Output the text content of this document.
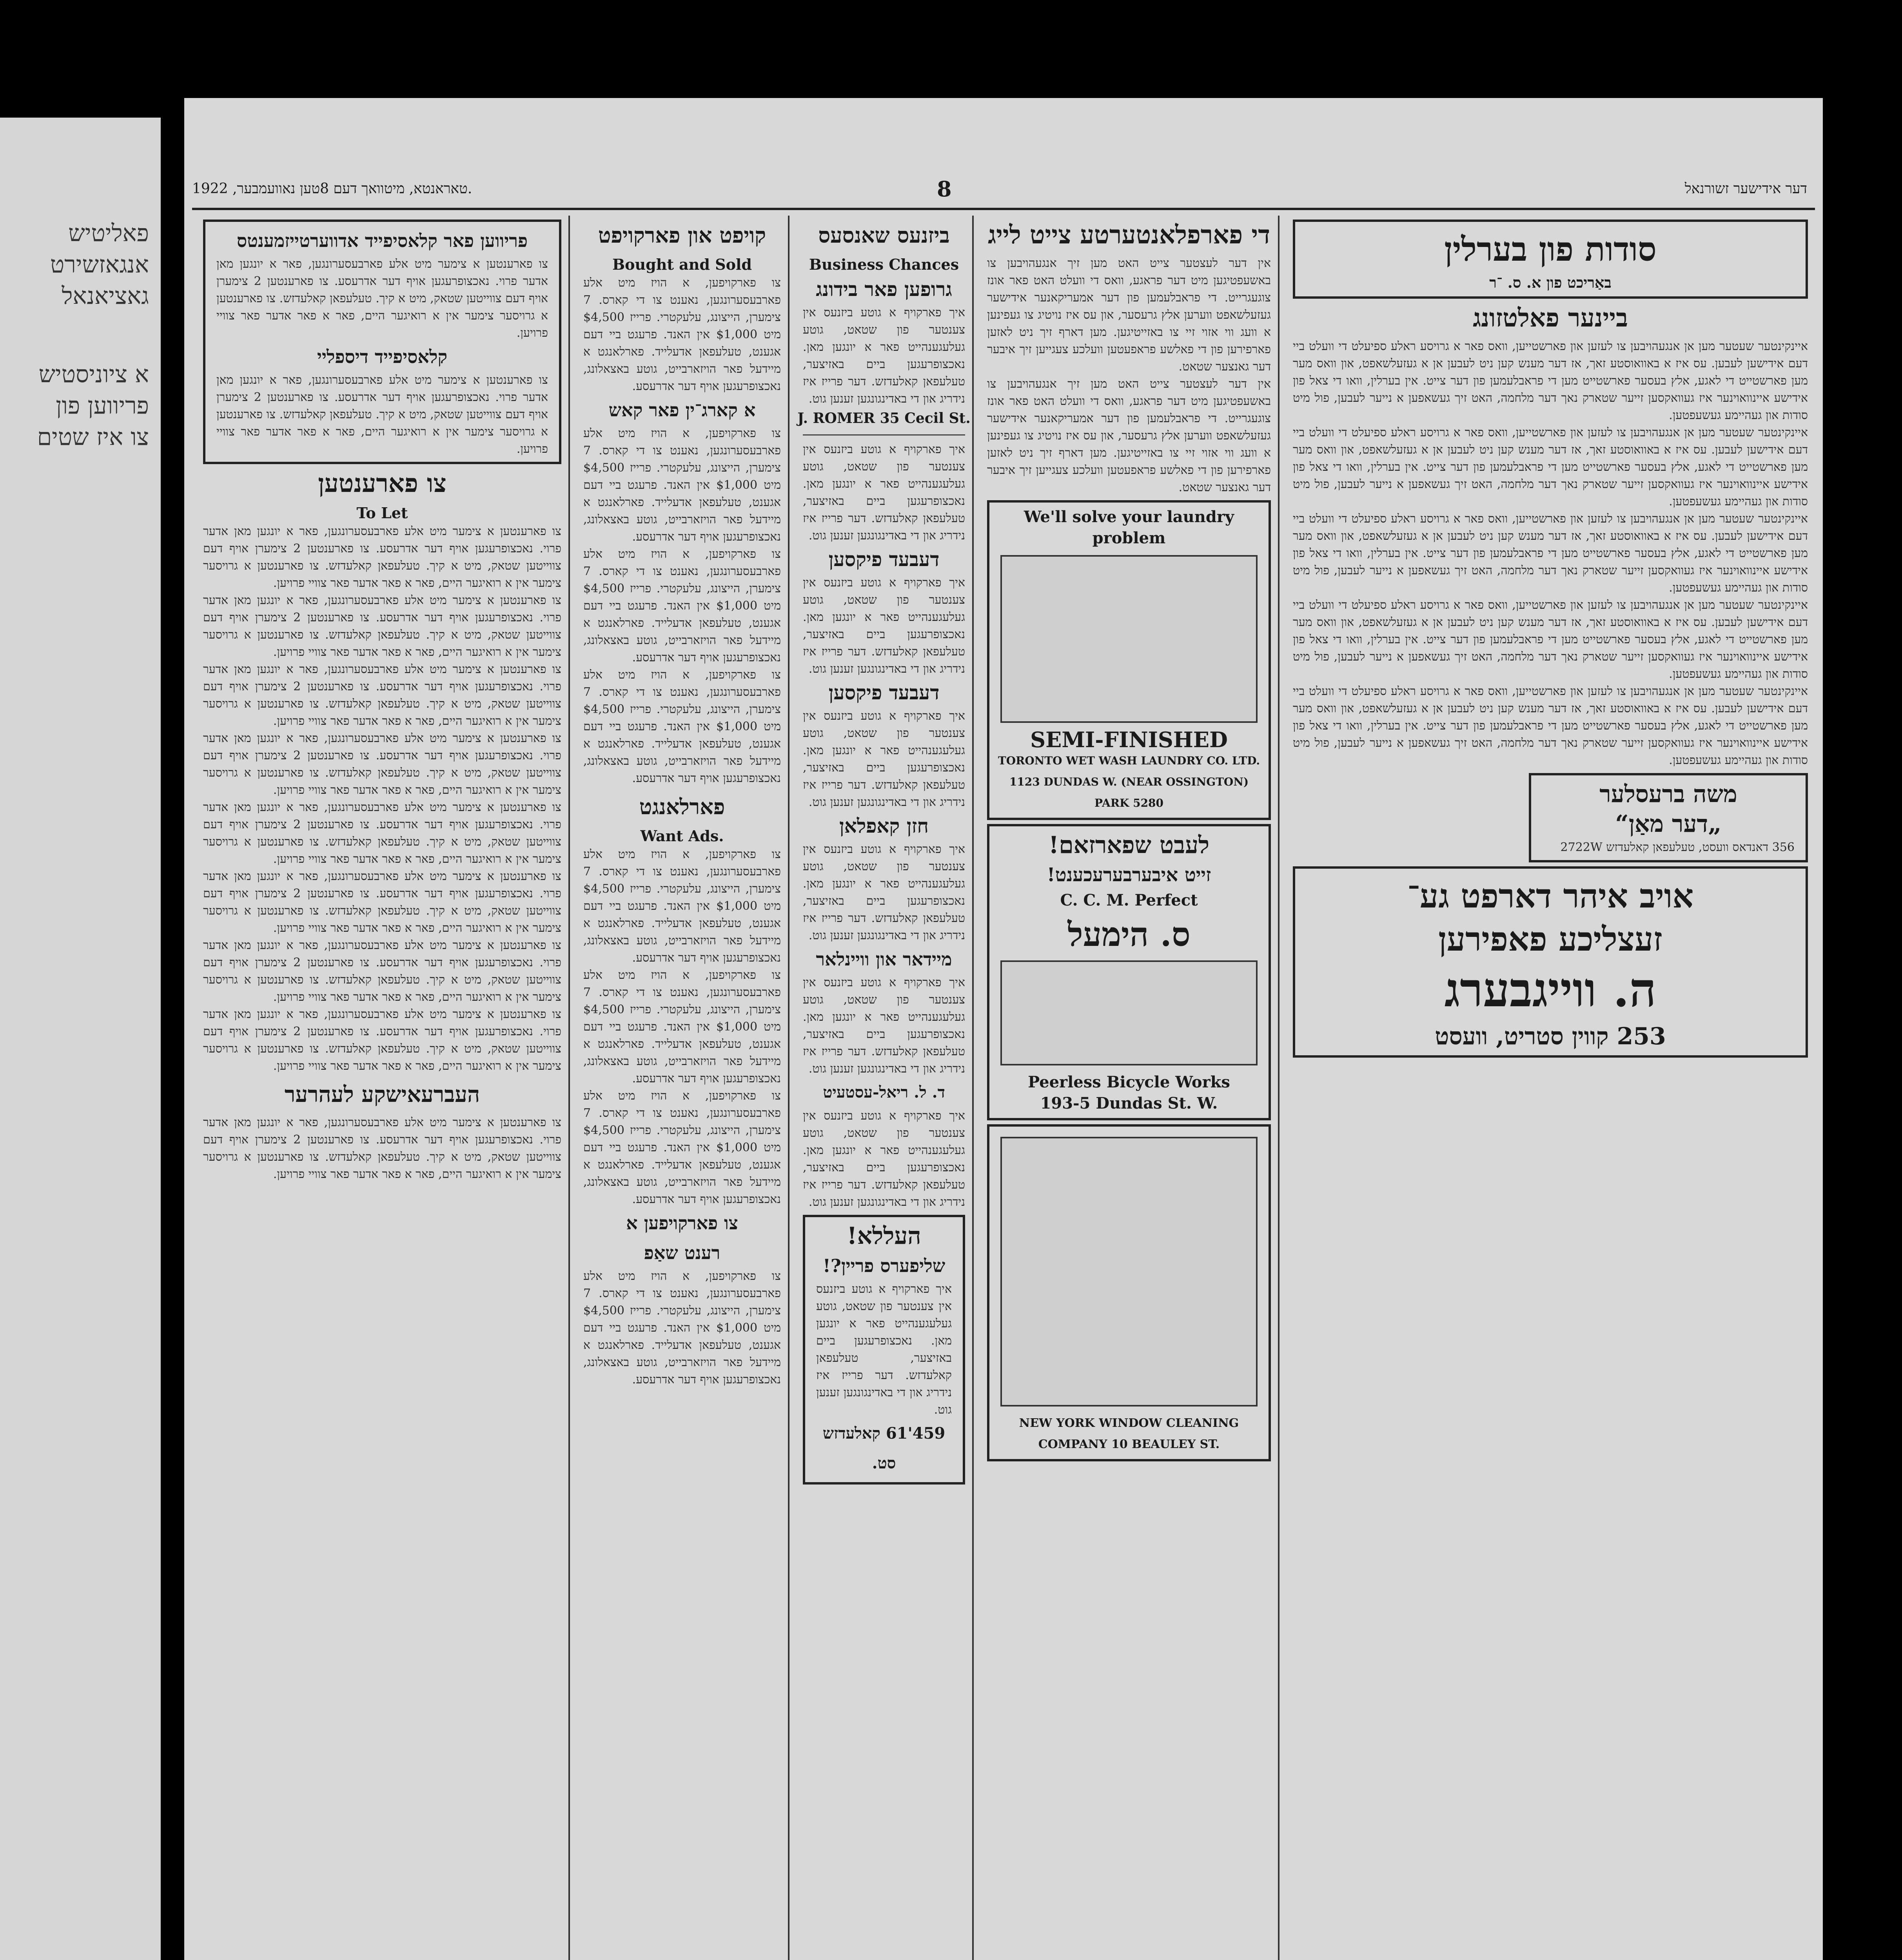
פאליטיש
אנגאזשירט
גאציאנאל
א ציוניסטיש
פריווען פון
צו איז שטים
טאראנטא, מיטוואך דעם 8טען נאוועמבער, 1922.	8	דער אידישער זשורנאל
סודות פון בערלין
באַריכט פון א. ס. ־ר
ביינער פאלטזונג
איינקינטער שעטער מען אן אנגעהויבען צו לעזען און פארשטייען, וואס פאר א גרויסע ראלע ספיעלט די וועלט ביי דעם אידישען לעבען. עס איז א באוואוסטע זאך, אז דער מענש קען ניט לעבען אן א געזעלשאפט, און וואס מער מען פארשטייט די לאגע, אלץ בעסער פארשטייט מען די פראבלעמען פון דער צייט. אין בערלין, וואו די צאל פון אידישע איינוואוינער איז געוואקסען זייער שטארק נאך דער מלחמה, האט זיך געשאפען א נייער לעבען, פול מיט סודות און געהיימע געשעפטען.
איינקינטער שעטער מען אן אנגעהויבען צו לעזען און פארשטייען, וואס פאר א גרויסע ראלע ספיעלט די וועלט ביי דעם אידישען לעבען. עס איז א באוואוסטע זאך, אז דער מענש קען ניט לעבען אן א געזעלשאפט, און וואס מער מען פארשטייט די לאגע, אלץ בעסער פארשטייט מען די פראבלעמען פון דער צייט. אין בערלין, וואו די צאל פון אידישע איינוואוינער איז געוואקסען זייער שטארק נאך דער מלחמה, האט זיך געשאפען א נייער לעבען, פול מיט סודות און געהיימע געשעפטען.
איינקינטער שעטער מען אן אנגעהויבען צו לעזען און פארשטייען, וואס פאר א גרויסע ראלע ספיעלט די וועלט ביי דעם אידישען לעבען. עס איז א באוואוסטע זאך, אז דער מענש קען ניט לעבען אן א געזעלשאפט, און וואס מער מען פארשטייט די לאגע, אלץ בעסער פארשטייט מען די פראבלעמען פון דער צייט. אין בערלין, וואו די צאל פון אידישע איינוואוינער איז געוואקסען זייער שטארק נאך דער מלחמה, האט זיך געשאפען א נייער לעבען, פול מיט סודות און געהיימע געשעפטען.
איינקינטער שעטער מען אן אנגעהויבען צו לעזען און פארשטייען, וואס פאר א גרויסע ראלע ספיעלט די וועלט ביי דעם אידישען לעבען. עס איז א באוואוסטע זאך, אז דער מענש קען ניט לעבען אן א געזעלשאפט, און וואס מער מען פארשטייט די לאגע, אלץ בעסער פארשטייט מען די פראבלעמען פון דער צייט. אין בערלין, וואו די צאל פון אידישע איינוואוינער איז געוואקסען זייער שטארק נאך דער מלחמה, האט זיך געשאפען א נייער לעבען, פול מיט סודות און געהיימע געשעפטען.
איינקינטער שעטער מען אן אנגעהויבען צו לעזען און פארשטייען, וואס פאר א גרויסע ראלע ספיעלט די וועלט ביי דעם אידישען לעבען. עס איז א באוואוסטע זאך, אז דער מענש קען ניט לעבען אן א געזעלשאפט, און וואס מער מען פארשטייט די לאגע, אלץ בעסער פארשטייט מען די פראבלעמען פון דער צייט. אין בערלין, וואו די צאל פון אידישע איינוואוינער איז געוואקסען זייער שטארק נאך דער מלחמה, האט זיך געשאפען א נייער לעבען, פול מיט סודות און געהיימע געשעפטען.
משה ברעסלער
„דער מאַן“
356 דאנדאס וועסט, טעלעפאן קאלעדזש 2722W
אויב איהר דארפט גע־
זעצליכע פאפירען
ה. ווייגבערג
253 קווין סטריט, וועסט
די פארפלאנטערטע צייט לייג
אין דער לעצטער צייט האט מען זיך אנגעהויבען צו באשעפטיגען מיט דער פראגע, וואס די וועלט האט פאר אונז צוגעגרייט. די פראבלעמען פון דער אמעריקאנער אידישער געזעלשאפט ווערען אלץ גרעסער, און עס איז נויטיג צו געפינען א וועג ווי אזוי זיי צו באזייטיגען. מען דארף זיך ניט לאזען פארפירען פון די פאלשע פראפעטען וועלכע צעגייען זיך איבער דער גאנצער שטאט.
אין דער לעצטער צייט האט מען זיך אנגעהויבען צו באשעפטיגען מיט דער פראגע, וואס די וועלט האט פאר אונז צוגעגרייט. די פראבלעמען פון דער אמעריקאנער אידישער געזעלשאפט ווערען אלץ גרעסער, און עס איז נויטיג צו געפינען א וועג ווי אזוי זיי צו באזייטיגען. מען דארף זיך ניט לאזען פארפירען פון די פאלשע פראפעטען וועלכע צעגייען זיך איבער דער גאנצער שטאט.
We'll solve your laundry problem
SEMI-FINISHED
TORONTO WET WASH LAUNDRY CO. LTD.
1123 DUNDAS W. (NEAR OSSINGTON) PARK 5280
לעבט שפארזאם!
זייט איבערבערעכענט!
C. C. M. Perfect
ס. הימעל
Peerless Bicycle Works
193-5 Dundas St. W.
NEW YORK WINDOW CLEANING COMPANY 10 BEAULEY ST.
ביזנעס שאנסעס
Business Chances
גרופען פאר בידונג
איך פארקויף א גוטע ביזנעס אין צענטער פון שטאט, גוטע געלעגענהייט פאר א יונגען מאן. נאכצופרעגען ביים באזיצער, טעלעפאן קאלעדזש. דער פרייז איז נידריג און די באדינגונגען זענען גוט.
J. ROMER 35 Cecil St.
איך פארקויף א גוטע ביזנעס אין צענטער פון שטאט, גוטע געלעגענהייט פאר א יונגען מאן. נאכצופרעגען ביים באזיצער, טעלעפאן קאלעדזש. דער פרייז איז נידריג און די באדינגונגען זענען גוט.
דעבעד פיקסען
איך פארקויף א גוטע ביזנעס אין צענטער פון שטאט, גוטע געלעגענהייט פאר א יונגען מאן. נאכצופרעגען ביים באזיצער, טעלעפאן קאלעדזש. דער פרייז איז נידריג און די באדינגונגען זענען גוט.
דעבעד פיקסען
איך פארקויף א גוטע ביזנעס אין צענטער פון שטאט, גוטע געלעגענהייט פאר א יונגען מאן. נאכצופרעגען ביים באזיצער, טעלעפאן קאלעדזש. דער פרייז איז נידריג און די באדינגונגען זענען גוט.
חזן קאפלאן
איך פארקויף א גוטע ביזנעס אין צענטער פון שטאט, גוטע געלעגענהייט פאר א יונגען מאן. נאכצופרעגען ביים באזיצער, טעלעפאן קאלעדזש. דער פרייז איז נידריג און די באדינגונגען זענען גוט.
מיידאר און וויינלאר
איך פארקויף א גוטע ביזנעס אין צענטער פון שטאט, גוטע געלעגענהייט פאר א יונגען מאן. נאכצופרעגען ביים באזיצער, טעלעפאן קאלעדזש. דער פרייז איז נידריג און די באדינגונגען זענען גוט.
ד. ל. ריאל-עסטעיט
איך פארקויף א גוטע ביזנעס אין צענטער פון שטאט, גוטע געלעגענהייט פאר א יונגען מאן. נאכצופרעגען ביים באזיצער, טעלעפאן קאלעדזש. דער פרייז איז נידריג און די באדינגונגען זענען גוט.
העללא!
שליפערס פריין?!
איך פארקויף א גוטע ביזנעס אין צענטער פון שטאט, גוטע געלעגענהייט פאר א יונגען מאן. נאכצופרעגען ביים באזיצער, טעלעפאן קאלעדזש. דער פרייז איז נידריג און די באדינגונגען זענען גוט.
459'61 קאלעדזש סט.
קויפט און פארקויפט
Bought and Sold
צו פארקויפען, א הויז מיט אלע פארבעסערונגען, נאענט צו די קארס. 7 צימערן, הייצונג, עלעקטרי. פרייז $4,500 מיט $1,000 אין האנד. פרעגט ביי דעם אגענט, טעלעפאן אדעלייד. פארלאנגט א מיידעל פאר הויזארבייט, גוטע באצאלונג, נאכצופרעגען אויף דער אדרעסע.
א קארג־ין פאר קאש
צו פארקויפען, א הויז מיט אלע פארבעסערונגען, נאענט צו די קארס. 7 צימערן, הייצונג, עלעקטרי. פרייז $4,500 מיט $1,000 אין האנד. פרעגט ביי דעם אגענט, טעלעפאן אדעלייד. פארלאנגט א מיידעל פאר הויזארבייט, גוטע באצאלונג, נאכצופרעגען אויף דער אדרעסע.
צו פארקויפען, א הויז מיט אלע פארבעסערונגען, נאענט צו די קארס. 7 צימערן, הייצונג, עלעקטרי. פרייז $4,500 מיט $1,000 אין האנד. פרעגט ביי דעם אגענט, טעלעפאן אדעלייד. פארלאנגט א מיידעל פאר הויזארבייט, גוטע באצאלונג, נאכצופרעגען אויף דער אדרעסע.
צו פארקויפען, א הויז מיט אלע פארבעסערונגען, נאענט צו די קארס. 7 צימערן, הייצונג, עלעקטרי. פרייז $4,500 מיט $1,000 אין האנד. פרעגט ביי דעם אגענט, טעלעפאן אדעלייד. פארלאנגט א מיידעל פאר הויזארבייט, גוטע באצאלונג, נאכצופרעגען אויף דער אדרעסע.
פארלאנגט
Want Ads.
צו פארקויפען, א הויז מיט אלע פארבעסערונגען, נאענט צו די קארס. 7 צימערן, הייצונג, עלעקטרי. פרייז $4,500 מיט $1,000 אין האנד. פרעגט ביי דעם אגענט, טעלעפאן אדעלייד. פארלאנגט א מיידעל פאר הויזארבייט, גוטע באצאלונג, נאכצופרעגען אויף דער אדרעסע.
צו פארקויפען, א הויז מיט אלע פארבעסערונגען, נאענט צו די קארס. 7 צימערן, הייצונג, עלעקטרי. פרייז $4,500 מיט $1,000 אין האנד. פרעגט ביי דעם אגענט, טעלעפאן אדעלייד. פארלאנגט א מיידעל פאר הויזארבייט, גוטע באצאלונג, נאכצופרעגען אויף דער אדרעסע.
צו פארקויפען, א הויז מיט אלע פארבעסערונגען, נאענט צו די קארס. 7 צימערן, הייצונג, עלעקטרי. פרייז $4,500 מיט $1,000 אין האנד. פרעגט ביי דעם אגענט, טעלעפאן אדעלייד. פארלאנגט א מיידעל פאר הויזארבייט, גוטע באצאלונג, נאכצופרעגען אויף דער אדרעסע.
צו פארקויפען א
רענט שאַפ
צו פארקויפען, א הויז מיט אלע פארבעסערונגען, נאענט צו די קארס. 7 צימערן, הייצונג, עלעקטרי. פרייז $4,500 מיט $1,000 אין האנד. פרעגט ביי דעם אגענט, טעלעפאן אדעלייד. פארלאנגט א מיידעל פאר הויזארבייט, גוטע באצאלונג, נאכצופרעגען אויף דער אדרעסע.
פריווען פאר קלאסיפייד אדווערטייזמענטס
צו פארענטען א צימער מיט אלע פארבעסערונגען, פאר א יונגען מאן אדער פרוי. נאכצופרעגען אויף דער אדרעסע. צו פארענטען 2 צימערן אויף דעם צווייטען שטאק, מיט א קיך. טעלעפאן קאלעדזש. צו פארענטען א גרויסער צימער אין א רואיגער היים, פאר א פאר אדער פאר צוויי פרויען.
קלאסיפייד דיספליי
צו פארענטען א צימער מיט אלע פארבעסערונגען, פאר א יונגען מאן אדער פרוי. נאכצופרעגען אויף דער אדרעסע. צו פארענטען 2 צימערן אויף דעם צווייטען שטאק, מיט א קיך. טעלעפאן קאלעדזש. צו פארענטען א גרויסער צימער אין א רואיגער היים, פאר א פאר אדער פאר צוויי פרויען.
צו פארענטען
To Let
צו פארענטען א צימער מיט אלע פארבעסערונגען, פאר א יונגען מאן אדער פרוי. נאכצופרעגען אויף דער אדרעסע. צו פארענטען 2 צימערן אויף דעם צווייטען שטאק, מיט א קיך. טעלעפאן קאלעדזש. צו פארענטען א גרויסער צימער אין א רואיגער היים, פאר א פאר אדער פאר צוויי פרויען.
צו פארענטען א צימער מיט אלע פארבעסערונגען, פאר א יונגען מאן אדער פרוי. נאכצופרעגען אויף דער אדרעסע. צו פארענטען 2 צימערן אויף דעם צווייטען שטאק, מיט א קיך. טעלעפאן קאלעדזש. צו פארענטען א גרויסער צימער אין א רואיגער היים, פאר א פאר אדער פאר צוויי פרויען.
צו פארענטען א צימער מיט אלע פארבעסערונגען, פאר א יונגען מאן אדער פרוי. נאכצופרעגען אויף דער אדרעסע. צו פארענטען 2 צימערן אויף דעם צווייטען שטאק, מיט א קיך. טעלעפאן קאלעדזש. צו פארענטען א גרויסער צימער אין א רואיגער היים, פאר א פאר אדער פאר צוויי פרויען.
צו פארענטען א צימער מיט אלע פארבעסערונגען, פאר א יונגען מאן אדער פרוי. נאכצופרעגען אויף דער אדרעסע. צו פארענטען 2 צימערן אויף דעם צווייטען שטאק, מיט א קיך. טעלעפאן קאלעדזש. צו פארענטען א גרויסער צימער אין א רואיגער היים, פאר א פאר אדער פאר צוויי פרויען.
צו פארענטען א צימער מיט אלע פארבעסערונגען, פאר א יונגען מאן אדער פרוי. נאכצופרעגען אויף דער אדרעסע. צו פארענטען 2 צימערן אויף דעם צווייטען שטאק, מיט א קיך. טעלעפאן קאלעדזש. צו פארענטען א גרויסער צימער אין א רואיגער היים, פאר א פאר אדער פאר צוויי פרויען.
צו פארענטען א צימער מיט אלע פארבעסערונגען, פאר א יונגען מאן אדער פרוי. נאכצופרעגען אויף דער אדרעסע. צו פארענטען 2 צימערן אויף דעם צווייטען שטאק, מיט א קיך. טעלעפאן קאלעדזש. צו פארענטען א גרויסער צימער אין א רואיגער היים, פאר א פאר אדער פאר צוויי פרויען.
צו פארענטען א צימער מיט אלע פארבעסערונגען, פאר א יונגען מאן אדער פרוי. נאכצופרעגען אויף דער אדרעסע. צו פארענטען 2 צימערן אויף דעם צווייטען שטאק, מיט א קיך. טעלעפאן קאלעדזש. צו פארענטען א גרויסער צימער אין א רואיגער היים, פאר א פאר אדער פאר צוויי פרויען.
צו פארענטען א צימער מיט אלע פארבעסערונגען, פאר א יונגען מאן אדער פרוי. נאכצופרעגען אויף דער אדרעסע. צו פארענטען 2 צימערן אויף דעם צווייטען שטאק, מיט א קיך. טעלעפאן קאלעדזש. צו פארענטען א גרויסער צימער אין א רואיגער היים, פאר א פאר אדער פאר צוויי פרויען.
העברעאישקע לעהרער
צו פארענטען א צימער מיט אלע פארבעסערונגען, פאר א יונגען מאן אדער פרוי. נאכצופרעגען אויף דער אדרעסע. צו פארענטען 2 צימערן אויף דעם צווייטען שטאק, מיט א קיך. טעלעפאן קאלעדזש. צו פארענטען א גרויסער צימער אין א רואיגער היים, פאר א פאר אדער פאר צוויי פרויען.
